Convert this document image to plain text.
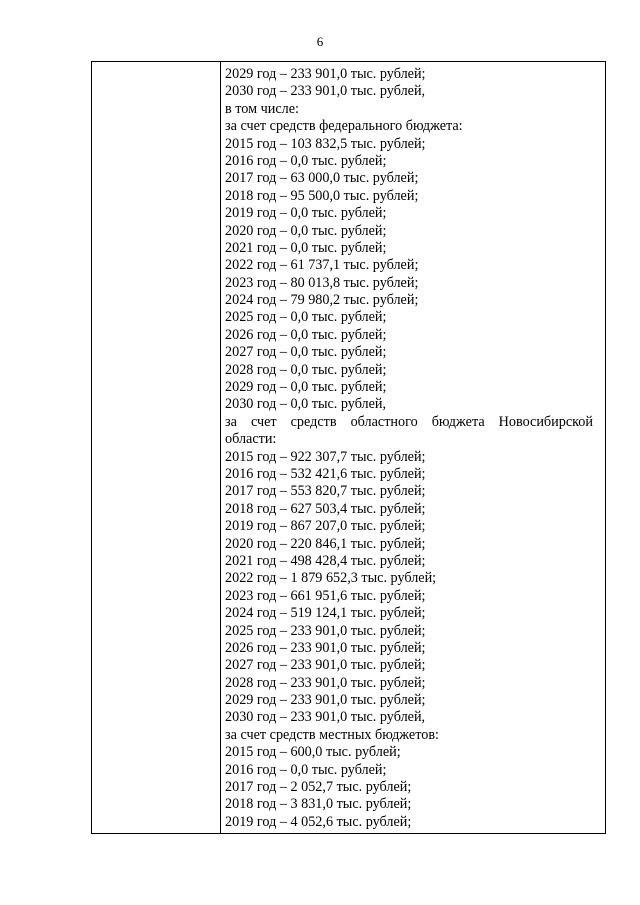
6

2029 год – 233 901,0 тыс. рублей;
2030 год – 233 901,0 тыс. рублей,
в том числе:
за счет средств федерального бюджета:
2015 год – 103 832,5 тыс. рублей;
2016 год – 0,0 тыс. рублей;
2017 год – 63 000,0 тыс. рублей;
2018 год – 95 500,0 тыс. рублей;
2019 год – 0,0 тыс. рублей;
2020 год – 0,0 тыс. рублей;
2021 год – 0,0 тыс. рублей;
2022 год – 61 737,1 тыс. рублей;
2023 год – 80 013,8 тыс. рублей;
2024 год – 79 980,2 тыс. рублей;
2025 год – 0,0 тыс. рублей;
2026 год – 0,0 тыс. рублей;
2027 год – 0,0 тыс. рублей;
2028 год – 0,0 тыс. рублей;
2029 год – 0,0 тыс. рублей;
2030 год – 0,0 тыс. рублей,
за счет средств областного бюджета Новосибирской
области:
2015 год – 922 307,7 тыс. рублей;
2016 год – 532 421,6 тыс. рублей;
2017 год – 553 820,7 тыс. рублей;
2018 год – 627 503,4 тыс. рублей;
2019 год – 867 207,0 тыс. рублей;
2020 год – 220 846,1 тыс. рублей;
2021 год – 498 428,4 тыс. рублей;
2022 год – 1 879 652,3 тыс. рублей;
2023 год – 661 951,6 тыс. рублей;
2024 год – 519 124,1 тыс. рублей;
2025 год – 233 901,0 тыс. рублей;
2026 год – 233 901,0 тыс. рублей;
2027 год – 233 901,0 тыс. рублей;
2028 год – 233 901,0 тыс. рублей;
2029 год – 233 901,0 тыс. рублей;
2030 год – 233 901,0 тыс. рублей,
за счет средств местных бюджетов:
2015 год – 600,0 тыс. рублей;
2016 год – 0,0 тыс. рублей;
2017 год – 2 052,7 тыс. рублей;
2018 год – 3 831,0 тыс. рублей;
2019 год – 4 052,6 тыс. рублей;
